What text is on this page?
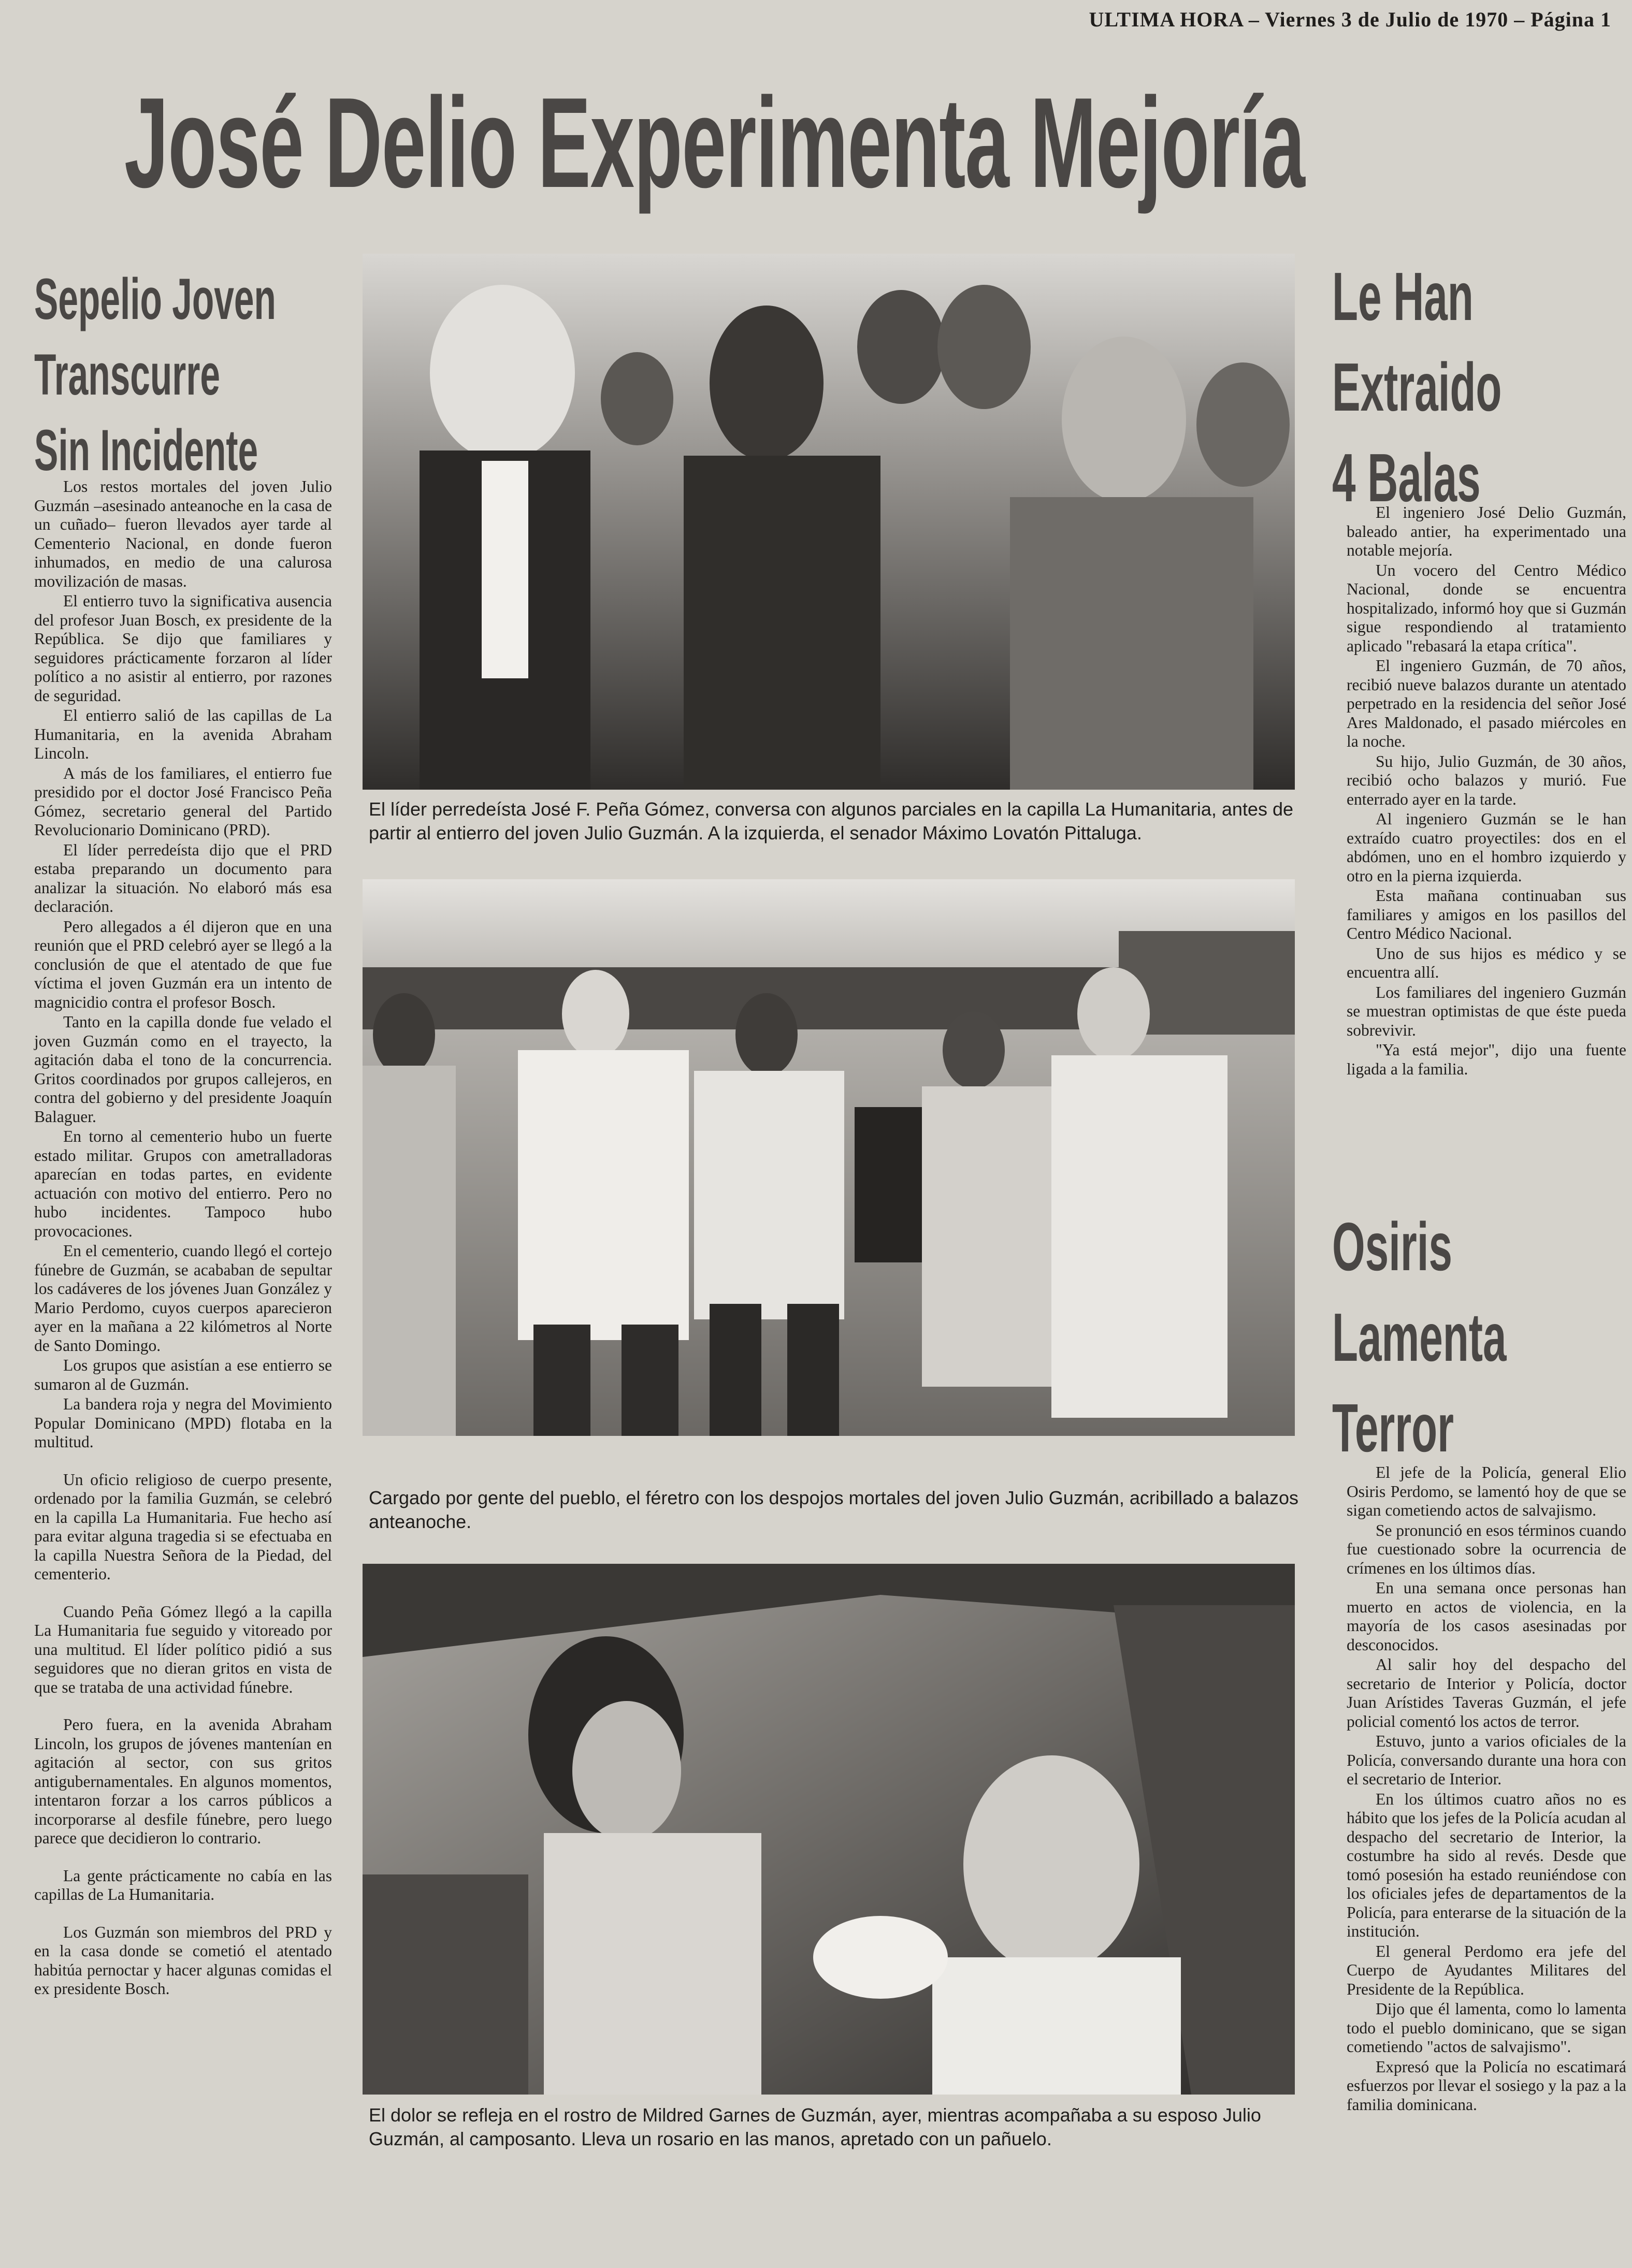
ULTIMA HORA – Viernes 3 de Julio de 1970 – Página 1
José Delio Experimenta Mejoría
Sepelio Joven
Transcurre
Sin Incidente

Los restos mortales del joven Julio Guzmán –asesinado anteanoche en la casa de un cuñado– fueron llevados ayer tarde al Cementerio Nacional, en donde fueron inhumados, en medio de una calurosa movilización de masas.

El entierro tuvo la significativa ausencia del profesor Juan Bosch, ex presidente de la República. Se dijo que familiares y seguidores prácticamente forzaron al líder político a no asistir al entierro, por razones de seguridad.

El entierro salió de las capillas de La Humanitaria, en la avenida Abraham Lincoln.

A más de los familiares, el entierro fue presidido por el doctor José Francisco Peña Gómez, secretario general del Partido Revolucionario Dominicano (PRD).

El líder perredeísta dijo que el PRD estaba preparando un documento para analizar la situación. No elaboró más esa declaración.

Pero allegados a él dijeron que en una reunión que el PRD celebró ayer se llegó a la conclusión de que el atentado de que fue víctima el joven Guzmán era un intento de magnicidio contra el profesor Bosch.

Tanto en la capilla donde fue velado el joven Guzmán como en el trayecto, la agitación daba el tono de la concurrencia. Gritos coordinados por grupos callejeros, en contra del gobierno y del presidente Joaquín Balaguer.

En torno al cementerio hubo un fuerte estado militar. Grupos con ametralladoras aparecían en todas partes, en evidente actuación con motivo del entierro. Pero no hubo incidentes. Tampoco hubo provocaciones.

En el cementerio, cuando llegó el cortejo fúnebre de Guzmán, se acababan de sepultar los cadáveres de los jóvenes Juan González y Mario Perdomo, cuyos cuerpos aparecieron ayer en la mañana a 22 kilómetros al Norte de Santo Domingo.

Los grupos que asistían a ese entierro se sumaron al de Guzmán.

La bandera roja y negra del Movimiento Popular Dominicano (MPD) flotaba en la multitud.

Un oficio religioso de cuerpo presente, ordenado por la familia Guzmán, se celebró en la capilla La Humanitaria. Fue hecho así para evitar alguna tragedia si se efectuaba en la capilla Nuestra Señora de la Piedad, del cementerio.

Cuando Peña Gómez llegó a la capilla La Humanitaria fue seguido y vitoreado por una multitud. El líder político pidió a sus seguidores que no dieran gritos en vista de que se trataba de una actividad fúnebre.

Pero fuera, en la avenida Abraham Lincoln, los grupos de jóvenes mantenían en agitación al sector, con sus gritos antigubernamentales. En algunos momentos, intentaron forzar a los carros públicos a incorporarse al desfile fúnebre, pero luego parece que decidieron lo contrario.

La gente prácticamente no cabía en las capillas de La Humanitaria.

Los Guzmán son miembros del PRD y en la casa donde se cometió el atentado habitúa pernoctar y hacer algunas comidas el ex presidente Bosch.

El líder perredeísta José F. Peña Gómez, conversa con algunos parciales en la capilla La Humanitaria, antes de partir al entierro del joven Julio Guzmán. A la izquierda, el senador Máximo Lovatón Pittaluga.
Cargado por gente del pueblo, el féretro con los despojos mortales del joven Julio Guzmán, acribillado a balazos anteanoche.
El dolor se refleja en el rostro de Mildred Garnes de Guzmán, ayer, mientras acompañaba a su esposo Julio Guzmán, al camposanto. Lleva un rosario en las manos, apretado con un pañuelo.
Le Han
Extraido
4 Balas

El ingeniero José Delio Guzmán, baleado antier, ha experimentado una notable mejoría.

Un vocero del Centro Médico Nacional, donde se encuentra hospitalizado, informó hoy que si Guzmán sigue respondiendo al tratamiento aplicado "rebasará la etapa crítica".

El ingeniero Guzmán, de 70 años, recibió nueve balazos durante un atentado perpetrado en la residencia del señor José Ares Maldonado, el pasado miércoles en la noche.

Su hijo, Julio Guzmán, de 30 años, recibió ocho balazos y murió. Fue enterrado ayer en la tarde.

Al ingeniero Guzmán se le han extraído cuatro proyectiles: dos en el abdómen, uno en el hombro izquierdo y otro en la pierna izquierda.

Esta mañana continuaban sus familiares y amigos en los pasillos del Centro Médico Nacional.

Uno de sus hijos es médico y se encuentra allí.

Los familiares del ingeniero Guzmán se muestran optimistas de que éste pueda sobrevivir.

"Ya está mejor", dijo una fuente ligada a la familia.

Osiris
Lamenta
Terror

El jefe de la Policía, general Elio Osiris Perdomo, se lamentó hoy de que se sigan cometiendo actos de salvajismo.

Se pronunció en esos términos cuando fue cuestionado sobre la ocurrencia de crímenes en los últimos días.

En una semana once personas han muerto en actos de violencia, en la mayoría de los casos asesinadas por desconocidos.

Al salir hoy del despacho del secretario de Interior y Policía, doctor Juan Arístides Taveras Guzmán, el jefe policial comentó los actos de terror.

Estuvo, junto a varios oficiales de la Policía, conversando durante una hora con el secretario de Interior.

En los últimos cuatro años no es hábito que los jefes de la Policía acudan al despacho del secretario de Interior, la costumbre ha sido al revés. Desde que tomó posesión ha estado reuniéndose con los oficiales jefes de departamentos de la Policía, para enterarse de la situación de la institución.

El general Perdomo era jefe del Cuerpo de Ayudantes Militares del Presidente de la República.

Dijo que él lamenta, como lo lamenta todo el pueblo dominicano, que se sigan cometiendo "actos de salvajismo".

Expresó que la Policía no escatimará esfuerzos por llevar el sosiego y la paz a la familia dominicana.
